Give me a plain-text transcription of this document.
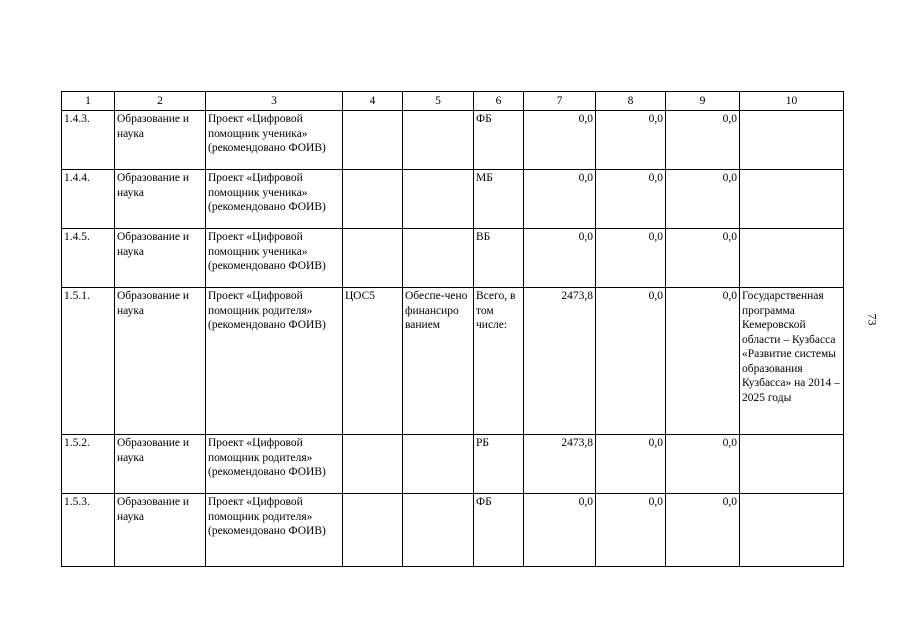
1	2	3	4	5	6	7	8	9	10
1.4.3.	Образование и наука	Проект «Цифровой помощник ученика» (рекомендовано ФОИВ)			ФБ	0,0	0,0	0,0	
1.4.4.	Образование и наука	Проект «Цифровой помощник ученика» (рекомендовано ФОИВ)			МБ	0,0	0,0	0,0	
1.4.5.	Образование и наука	Проект «Цифровой помощник ученика» (рекомендовано ФОИВ)			ВБ	0,0	0,0	0,0	
1.5.1.	Образование и наука	Проект «Цифровой помощник родителя» (рекомендовано ФОИВ)	ЦОС5	Обеспе-чено финансиро ванием	Всего, в том числе:	2473,8	0,0	0,0	Государственная программа Кемеровской области – Кузбасса «Развитие системы образования Кузбасса» на 2014 – 2025 годы
1.5.2.	Образование и наука	Проект «Цифровой помощник родителя» (рекомендовано ФОИВ)			РБ	2473,8	0,0	0,0	
1.5.3.	Образование и наука	Проект «Цифровой помощник родителя» (рекомендовано ФОИВ)			ФБ	0,0	0,0	0,0	
73
